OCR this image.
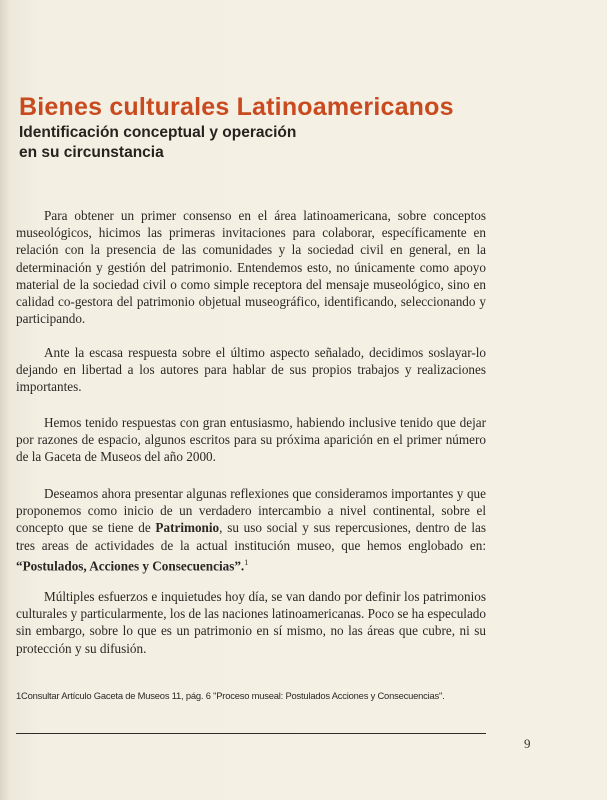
Bienes culturales Latinoamericanos
Identificación conceptual y operación
en su circunstancia

Para obtener un primer consenso en el área latinoamericana, sobre conceptos museológicos, hicimos las primeras invitaciones para colaborar, específicamente en relación con la presencia de las comunidades y la sociedad civil en general, en la determinación y gestión del patrimonio. Entendemos esto, no únicamente como apoyo material de la sociedad civil o como simple receptora del mensaje museológico, sino en calidad co-gestora del patrimonio objetual museográfico, identificando, seleccionando y participando.

Ante la escasa respuesta sobre el último aspecto señalado, decidimos soslayar-lo dejando en libertad a los autores para hablar de sus propios trabajos y realizaciones importantes.

Hemos tenido respuestas con gran entusiasmo, habiendo inclusive tenido que dejar por razones de espacio, algunos escritos para su próxima aparición en el primer número de la Gaceta de Museos del año 2000.

Deseamos ahora presentar algunas reflexiones que consideramos importantes y que proponemos como inicio de un verdadero intercambio a nivel continental, sobre el concepto que se tiene de Patrimonio, su uso social y sus repercusiones, dentro de las tres areas de actividades de la actual institución museo, que hemos englobado en: “Postulados, Acciones y Consecuencias”.$^1$

Múltiples esfuerzos e inquietudes hoy día, se van dando por definir los patrimonios culturales y particularmente, los de las naciones latinoamericanas. Poco se ha especulado sin embargo, sobre lo que es un patrimonio en sí mismo, no las áreas que cubre, ni su protección y su difusión.

1Consultar Artículo Gaceta de Museos 11, pág. 6 "Proceso museal: Postulados Acciones y Consecuencias".

9
